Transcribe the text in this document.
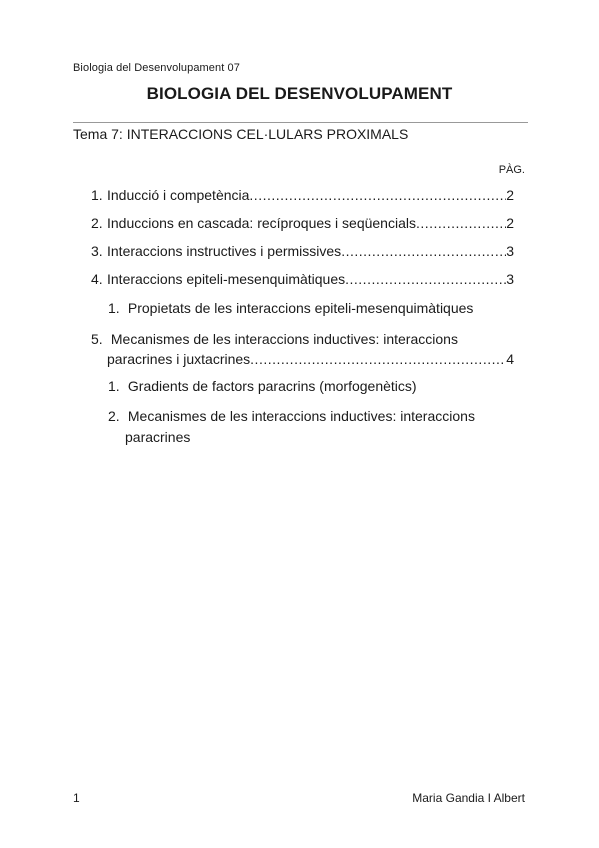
Biologia del Desenvolupament 07
BIOLOGIA DEL DESENVOLUPAMENT
Tema 7: INTERACCIONS CEL·LULARS PROXIMALS
PÀG.
1. Inducció i competència .....	2
2. Induccions en cascada: recíproques i seqüencials .....	2
3. Interaccions instructives i permissives .....	3
4. Interaccions epiteli-mesenquimàtiques .....	3
1. Propietats de les interaccions epiteli-mesenquimàtiques
5. Mecanismes de les interaccions inductives: interaccions
paracrines i juxtacrines .....	4
1. Gradients de factors paracrins (morfogenètics)
2. Mecanismes de les interaccions inductives: interaccions
paracrines
1	Maria Gandia I Albert
